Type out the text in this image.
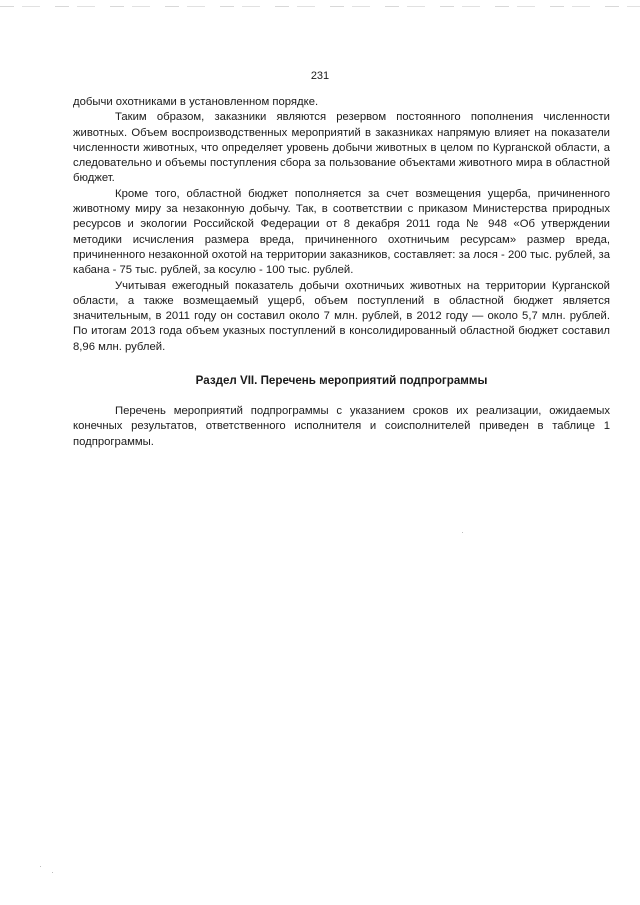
231

добычи охотниками в установленном порядке.

Таким образом, заказники являются резервом постоянного пополнения численности животных. Объем воспроизводственных мероприятий в заказниках напрямую влияет на показатели численности животных, что определяет уровень добычи животных в целом по Курганской области, а следовательно и объемы поступления сбора за пользование объектами животного мира в областной бюджет.

Кроме того, областной бюджет пополняется за счет возмещения ущерба, причиненного животному миру за незаконную добычу. Так, в соответствии с приказом Министерства природных ресурсов и экологии Российской Федерации от 8 декабря 2011 года № 948 «Об утверждении методики исчисления размера вреда, причиненного охотничьим ресурсам» размер вреда, причиненного незаконной охотой на территории заказников, составляет: за лося - 200 тыс. рублей, за кабана - 75 тыс. рублей, за косулю - 100 тыс. рублей.

Учитывая ежегодный показатель добычи охотничьих животных на территории Курганской области, а также возмещаемый ущерб, объем поступлений в областной бюджет является значительным, в 2011 году он составил около 7 млн. рублей, в 2012 году — около 5,7 млн. рублей. По итогам 2013 года объем указных поступлений в консолидированный областной бюджет составил 8,96 млн. рублей.

Раздел VII. Перечень мероприятий подпрограммы

Перечень мероприятий подпрограммы с указанием сроков их реализации, ожидаемых конечных результатов, ответственного исполнителя и соисполнителей приведен в таблице 1 подпрограммы.
